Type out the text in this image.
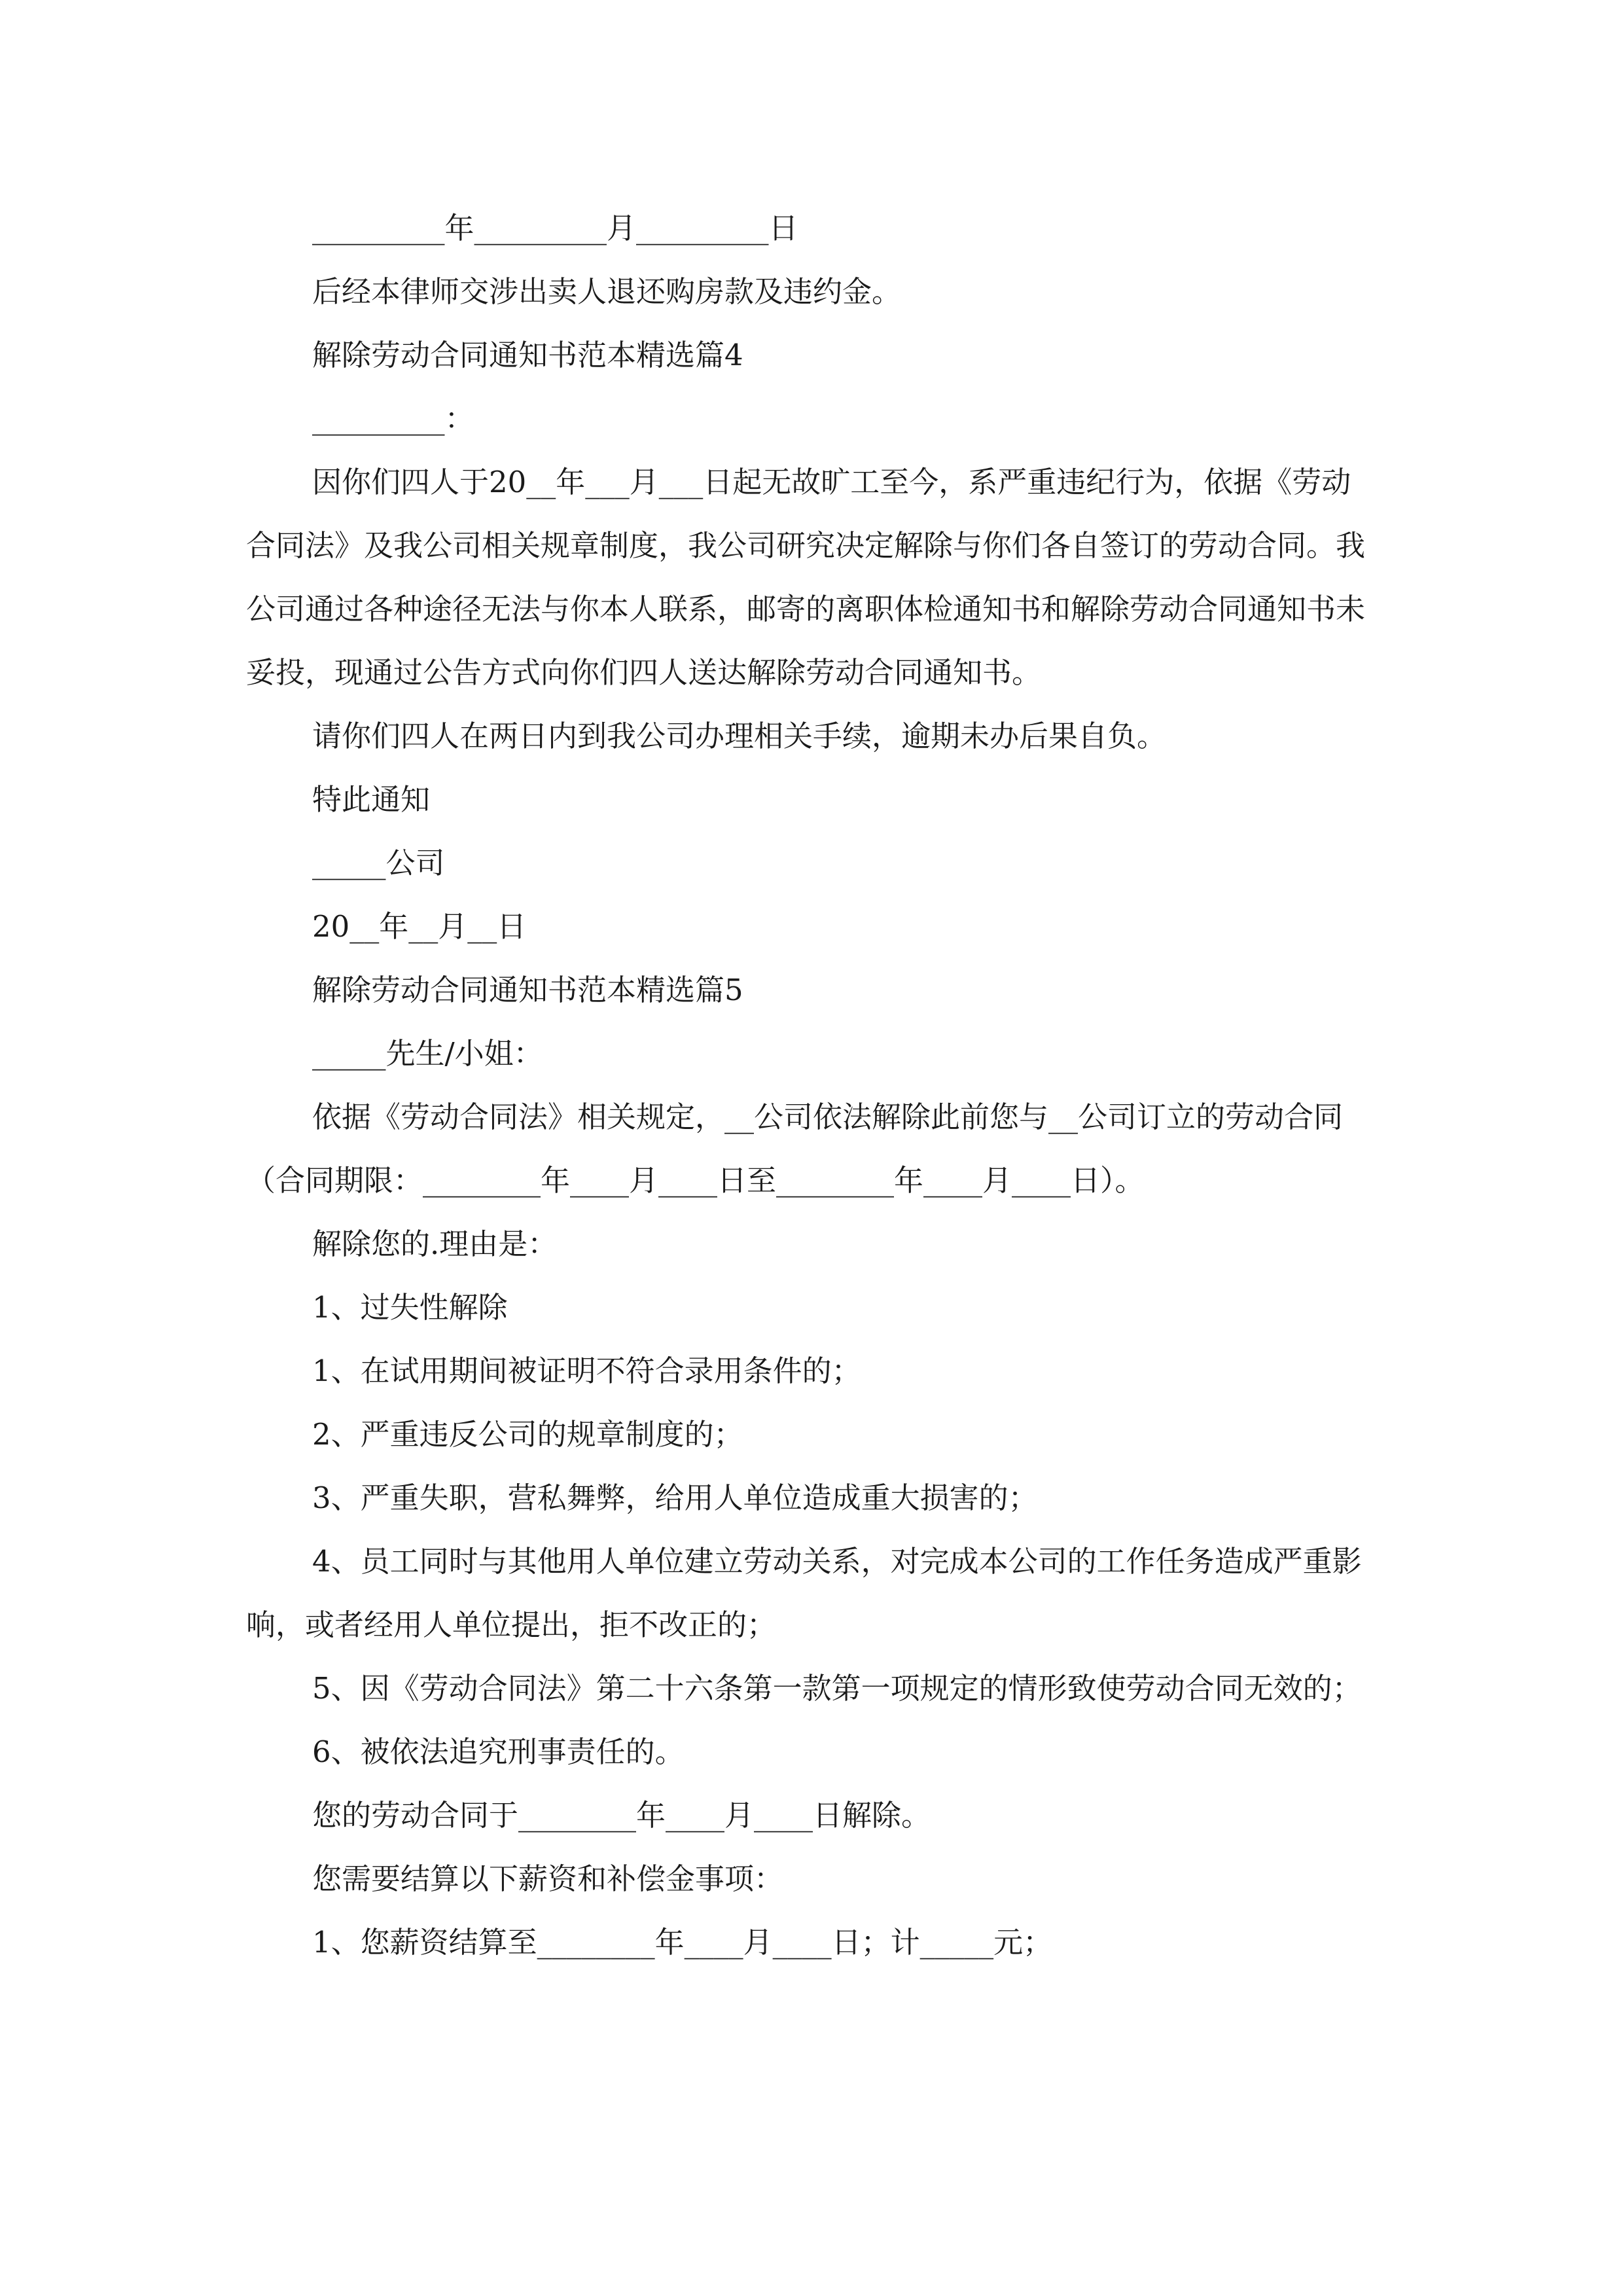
_________年_________月_________日

后经本律师交涉出卖人退还购房款及违约金。

解除劳动合同通知书范本精选篇4

_________：

因你们四人于20__年___月___日起无故旷工至今，系严重违纪行为，依据《劳动合同法》及我公司相关规章制度，我公司研究决定解除与你们各自签订的劳动合同。我公司通过各种途径无法与你本人联系，邮寄的离职体检通知书和解除劳动合同通知书未妥投，现通过公告方式向你们四人送达解除劳动合同通知书。

请你们四人在两日内到我公司办理相关手续，逾期未办后果自负。

特此通知

_____公司

20__年__月__日

解除劳动合同通知书范本精选篇5

_____先生/小姐：

依据《劳动合同法》相关规定，__公司依法解除此前您与__公司订立的劳动合同（合同期限：________年____月____日至________年____月____日）。

解除您的.理由是：

1、过失性解除

1、在试用期间被证明不符合录用条件的；

2、严重违反公司的规章制度的；

3、严重失职，营私舞弊，给用人单位造成重大损害的；

4、员工同时与其他用人单位建立劳动关系，对完成本公司的工作任务造成严重影响，或者经用人单位提出，拒不改正的；

5、因《劳动合同法》第二十六条第一款第一项规定的情形致使劳动合同无效的；

6、被依法追究刑事责任的。

您的劳动合同于________年____月____日解除。

您需要结算以下薪资和补偿金事项：

1、您薪资结算至________年____月____日；计_____元；
